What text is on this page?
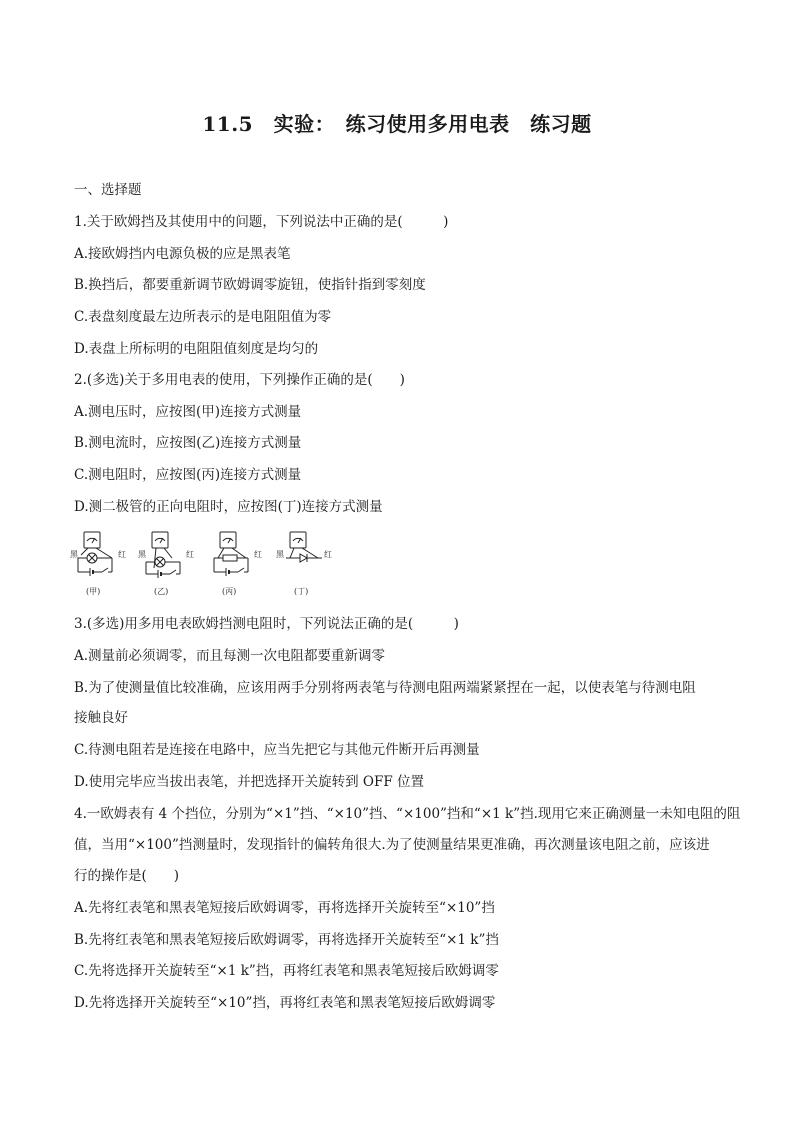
11.5　实验：　练习使用多用电表　练习题
一、选择题
1.关于欧姆挡及其使用中的问题，下列说法中正确的是(　　　)
A.接欧姆挡内电源负极的应是黑表笔
B.换挡后，都要重新调节欧姆调零旋钮，使指针指到零刻度
C.表盘刻度最左边所表示的是电阻阻值为零
D.表盘上所标明的电阻阻值刻度是均匀的
2.(多选)关于多用电表的使用，下列操作正确的是(　　)
A.测电压时，应按图(甲)连接方式测量
B.测电流时，应按图(乙)连接方式测量
C.测电阻时，应按图(丙)连接方式测量
D.测二极管的正向电阻时，应按图(丁)连接方式测量
黑	红
(甲)
黑	红
(乙)
红
(丙)
黑	红
(丁)
3.(多选)用多用电表欧姆挡测电阻时，下列说法正确的是(　　　)
A.测量前必须调零，而且每测一次电阻都要重新调零
B.为了使测量值比较准确，应该用两手分别将两表笔与待测电阻两端紧紧捏在一起，以使表笔与待测电阻
接触良好
C.待测电阻若是连接在电路中，应当先把它与其他元件断开后再测量
D.使用完毕应当拔出表笔，并把选择开关旋转到 OFF 位置
4.一欧姆表有 4 个挡位，分别为“×1”挡、“×10”挡、“×100”挡和“×1 k”挡.现用它来正确测量一未知电阻的阻
值，当用“×100”挡测量时，发现指针的偏转角很大.为了使测量结果更准确，再次测量该电阻之前，应该进
行的操作是(　　)
A.先将红表笔和黑表笔短接后欧姆调零，再将选择开关旋转至“×10”挡
B.先将红表笔和黑表笔短接后欧姆调零，再将选择开关旋转至“×1 k”挡
C.先将选择开关旋转至“×1 k”挡，再将红表笔和黑表笔短接后欧姆调零
D.先将选择开关旋转至“×10”挡，再将红表笔和黑表笔短接后欧姆调零
